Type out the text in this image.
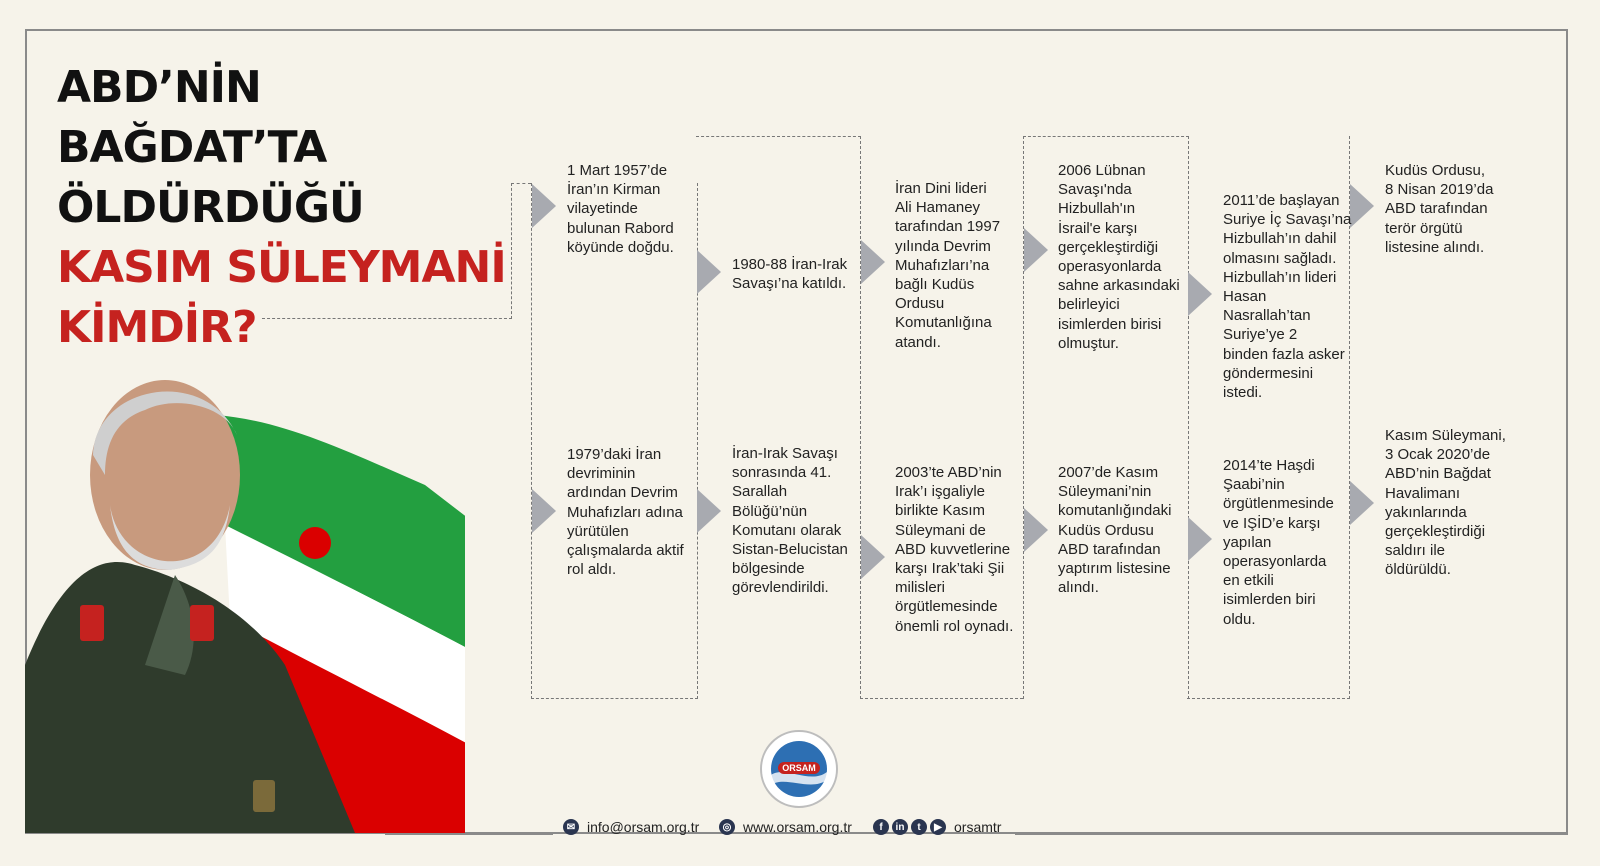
ABD’NİN
BAĞDAT’TA
ÖLDÜRDÜĞÜ
KASIM SÜLEYMANİ
KİMDİR?
1 Mart 1957’de
İran’ın Kirman
vilayetinde
bulunan Rabord
köyünde doğdu.
1979’daki İran
devriminin
ardından Devrim
Muhafızları adına
yürütülen
çalışmalarda aktif
rol aldı.
1980-88 İran-Irak
Savaşı’na katıldı.
İran-Irak Savaşı
sonrasında 41.
Sarallah
Bölüğü’nün
Komutanı olarak
Sistan-Belucistan
bölgesinde
görevlendirildi.
İran Dini lideri
Ali Hamaney
tarafından 1997
yılında Devrim
Muhafızları’na
bağlı Kudüs
Ordusu
Komutanlığına
atandı.
2003’te ABD’nin
Irak’ı işgaliyle
birlikte Kasım
Süleymani de
ABD kuvvetlerine
karşı Irak’taki Şii
milisleri
örgütlemesinde
önemli rol oynadı.
2006 Lübnan
Savaşı'nda
Hizbullah'ın
İsrail'e karşı
gerçekleştirdiği
operasyonlarda
sahne arkasındaki
belirleyici
isimlerden birisi
olmuştur.
2007’de Kasım
Süleymani’nin
komutanlığındaki
Kudüs Ordusu
ABD tarafından
yaptırım listesine
alındı.
2011’de başlayan
Suriye İç Savaşı’na
Hizbullah’ın dahil
olmasını sağladı.
Hizbullah’ın lideri
Hasan
Nasrallah’tan
Suriye’ye 2
binden fazla asker
göndermesini
istedi.
2014’te Haşdi
Şaabi’nin
örgütlenmesinde
ve IŞİD’e karşı
yapılan
operasyonlarda
en etkili
isimlerden biri
oldu.
Kudüs Ordusu,
8 Nisan 2019’da
ABD tarafından
terör örgütü
listesine alındı.
Kasım Süleymani,
3 Ocak 2020’de
ABD’nin Bağdat
Havalimanı
yakınlarında
gerçekleştirdiği
saldırı ile
öldürüldü.
ORSAM
✉ info@orsam.org.tr	◎ www.orsam.org.tr	f	in	t	▶ orsamtr
